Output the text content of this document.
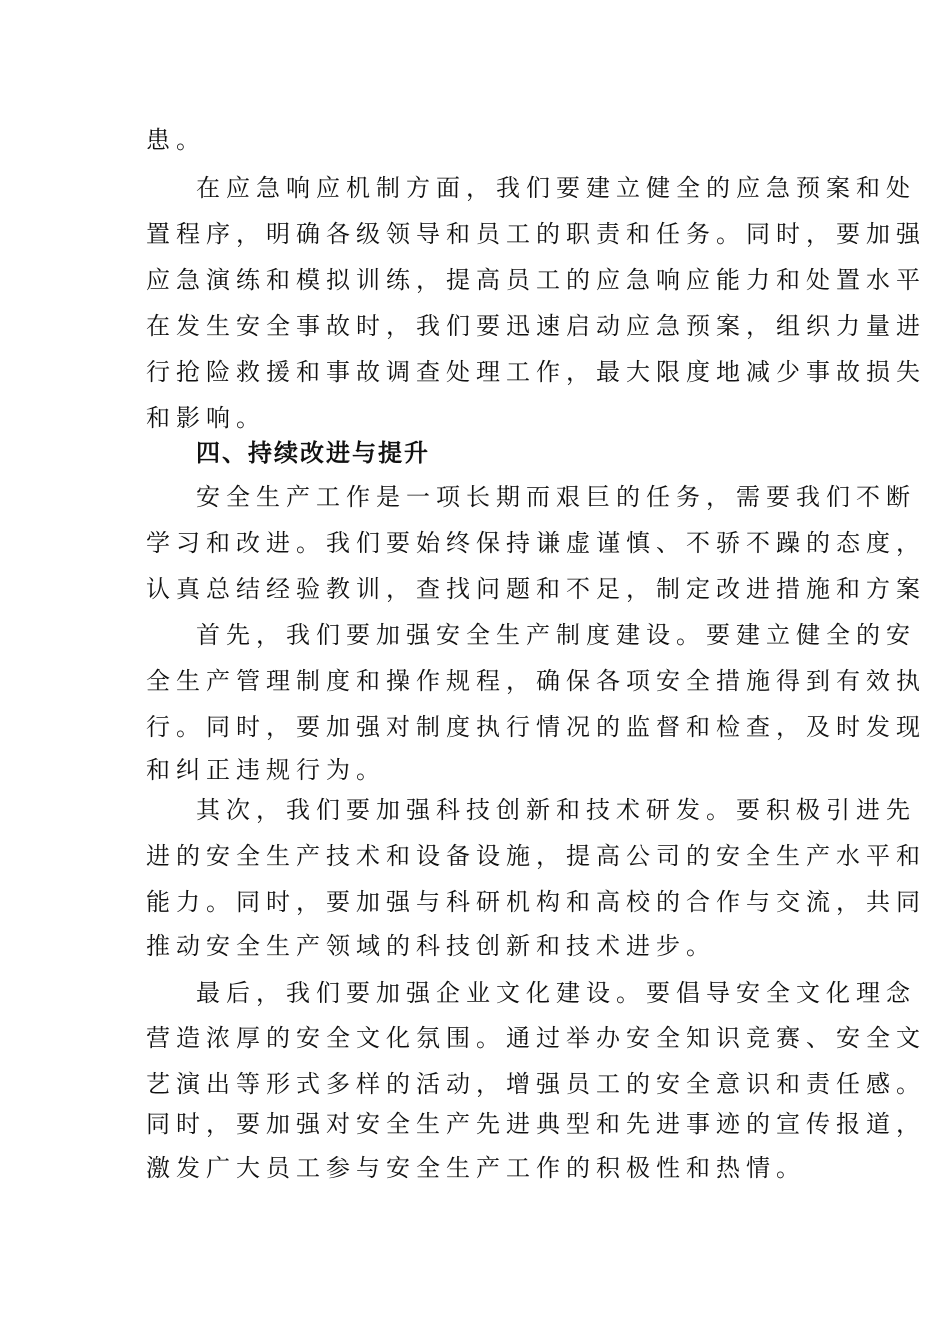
患。
在应急响应机制方面，我们要建立健全的应急预案和处
置程序，明确各级领导和员工的职责和任务。同时，要加强
应急演练和模拟训练，提高员工的应急响应能力和处置水平
在发生安全事故时，我们要迅速启动应急预案，组织力量进
行抢险救援和事故调查处理工作，最大限度地减少事故损失
和影响。
四、持续改进与提升
安全生产工作是一项长期而艰巨的任务，需要我们不断
学习和改进。我们要始终保持谦虚谨慎、不骄不躁的态度，
认真总结经验教训，查找问题和不足，制定改进措施和方案
首先，我们要加强安全生产制度建设。要建立健全的安
全生产管理制度和操作规程，确保各项安全措施得到有效执
行。同时，要加强对制度执行情况的监督和检查，及时发现
和纠正违规行为。
其次，我们要加强科技创新和技术研发。要积极引进先
进的安全生产技术和设备设施，提高公司的安全生产水平和
能力。同时，要加强与科研机构和高校的合作与交流，共同
推动安全生产领域的科技创新和技术进步。
最后，我们要加强企业文化建设。要倡导安全文化理念
营造浓厚的安全文化氛围。通过举办安全知识竞赛、安全文
艺演出等形式多样的活动，增强员工的安全意识和责任感。
同时，要加强对安全生产先进典型和先进事迹的宣传报道，
激发广大员工参与安全生产工作的积极性和热情。
